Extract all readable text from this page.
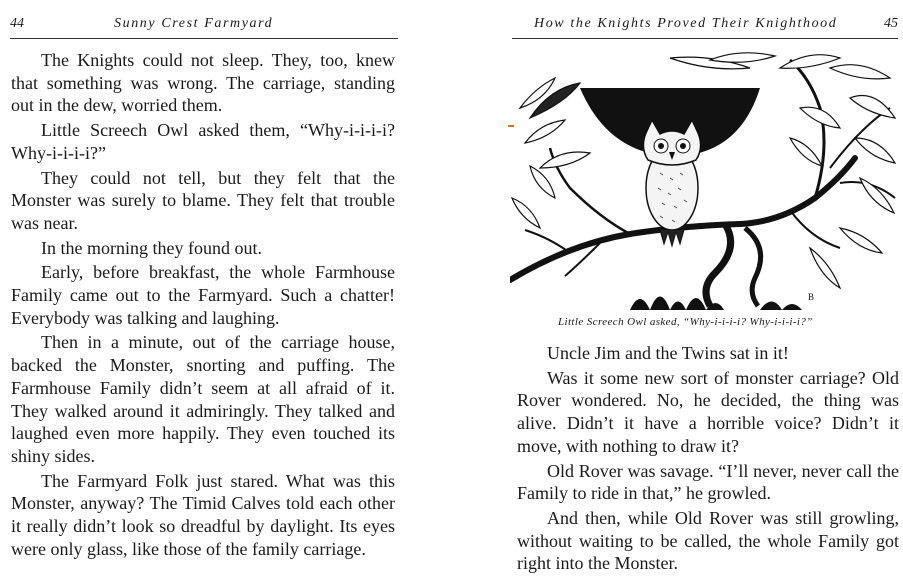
44	Sunny Crest Farmyard

The Knights could not sleep. They, too, knew that something was wrong. The carriage, standing out in the dew, worried them.

Little Screech Owl asked them, “Why-i-i-i-i? Why-i-i-i-i?”

They could not tell, but they felt that the Monster was surely to blame. They felt that trouble was near.

In the morning they found out.

Early, before breakfast, the whole Farmhouse Family came out to the Farmyard. Such a chatter! Everybody was talking and laughing.

Then in a minute, out of the carriage house, backed the Monster, snorting and puffing. The Farmhouse Family didn’t seem at all afraid of it. They walked around it admiringly. They talked and laughed even more happily. They even touched its shiny sides.

The Farmyard Folk just stared. What was this Monster, anyway? The Timid Calves told each other it really didn’t look so dreadful by daylight. Its eyes were only glass, like those of the family carriage.

How the Knights Proved Their Knighthood	45
B
Little Screech Owl asked, “Why-i-i-i-i? Why-i-i-i-i?”

Uncle Jim and the Twins sat in it!

Was it some new sort of monster carriage? Old Rover wondered. No, he decided, the thing was alive. Didn’t it have a horrible voice? Didn’t it move, with nothing to draw it?

Old Rover was savage. “I’ll never, never call the Family to ride in that,” he growled.

And then, while Old Rover was still growling, without waiting to be called, the whole Family got right into the Monster.
